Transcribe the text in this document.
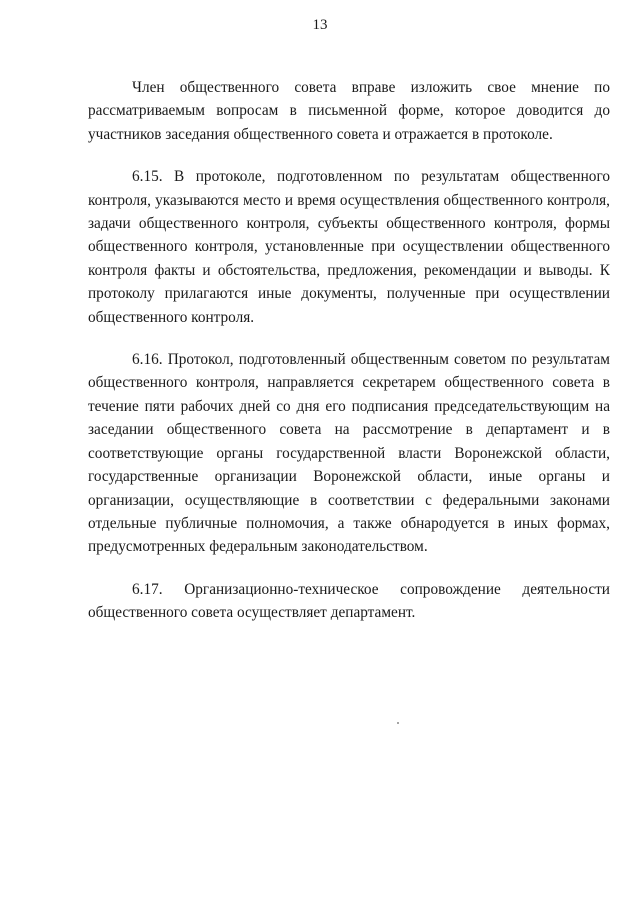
13

Член общественного совета вправе изложить свое мнение по рассматриваемым вопросам в письменной форме, которое доводится до участников заседания общественного совета и отражается в протоколе.

6.15. В протоколе, подготовленном по результатам общественного контроля, указываются место и время осуществления общественного контроля, задачи общественного контроля, субъекты общественного контроля, формы общественного контроля, установленные при осуществлении общественного контроля факты и обстоятельства, предложения, рекомендации и выводы. К протоколу прилагаются иные документы, полученные при осуществлении общественного контроля.

6.16. Протокол, подготовленный общественным советом по результатам общественного контроля, направляется секретарем общественного совета в течение пяти рабочих дней со дня его подписания председательствующим на заседании общественного совета на рассмотрение в департамент и в соответствующие органы государственной власти Воронежской области, государственные организации Воронежской области, иные органы и организации, осуществляющие в соответствии с федеральными законами отдельные публичные полномочия, а также обнародуется в иных формах, предусмотренных федеральным законодательством.

6.17. Организационно-техническое сопровождение деятельности общественного совета осуществляет департамент.
